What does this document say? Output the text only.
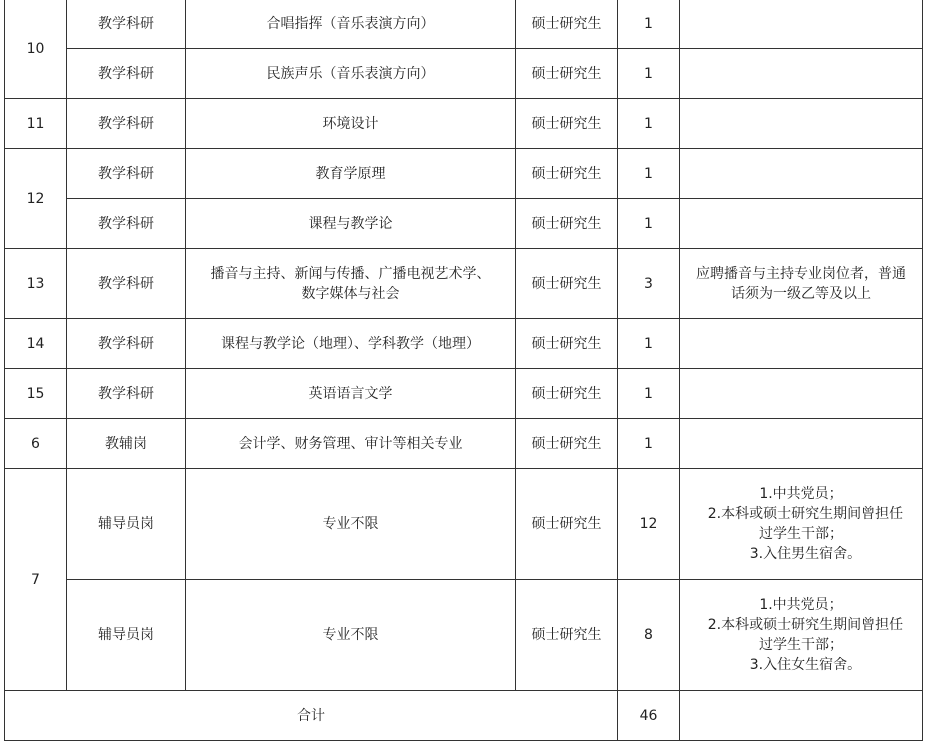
10	教学科研	合唱指挥（音乐表演方向）	硕士研究生	1	
	教学科研	民族声乐（音乐表演方向）	硕士研究生	1	
11	教学科研	环境设计	硕士研究生	1	
12	教学科研	教育学原理	硕士研究生	1	
	教学科研	课程与教学论	硕士研究生	1	
13	教学科研	播音与主持、新闻与传播、广播电视艺术学、
数字媒体与社会	硕士研究生	3	应聘播音与主持专业岗位者，普通
话须为一级乙等及以上

14	教学科研	课程与教学论（地理）、学科教学（地理）	硕士研究生	1	
15	教学科研	英语语言文学	硕士研究生	1	
6	教辅岗	会计学、财务管理、审计等相关专业	硕士研究生	1	
7	辅导员岗	专业不限	硕士研究生	12	1.中共党员；
2.本科或硕士研究生期间曾担任
过学生干部；
3.入住男生宿舍。

	辅导员岗	专业不限	硕士研究生	8	1.中共党员；
2.本科或硕士研究生期间曾担任
过学生干部；
3.入住女生宿舍。

合计				46	
